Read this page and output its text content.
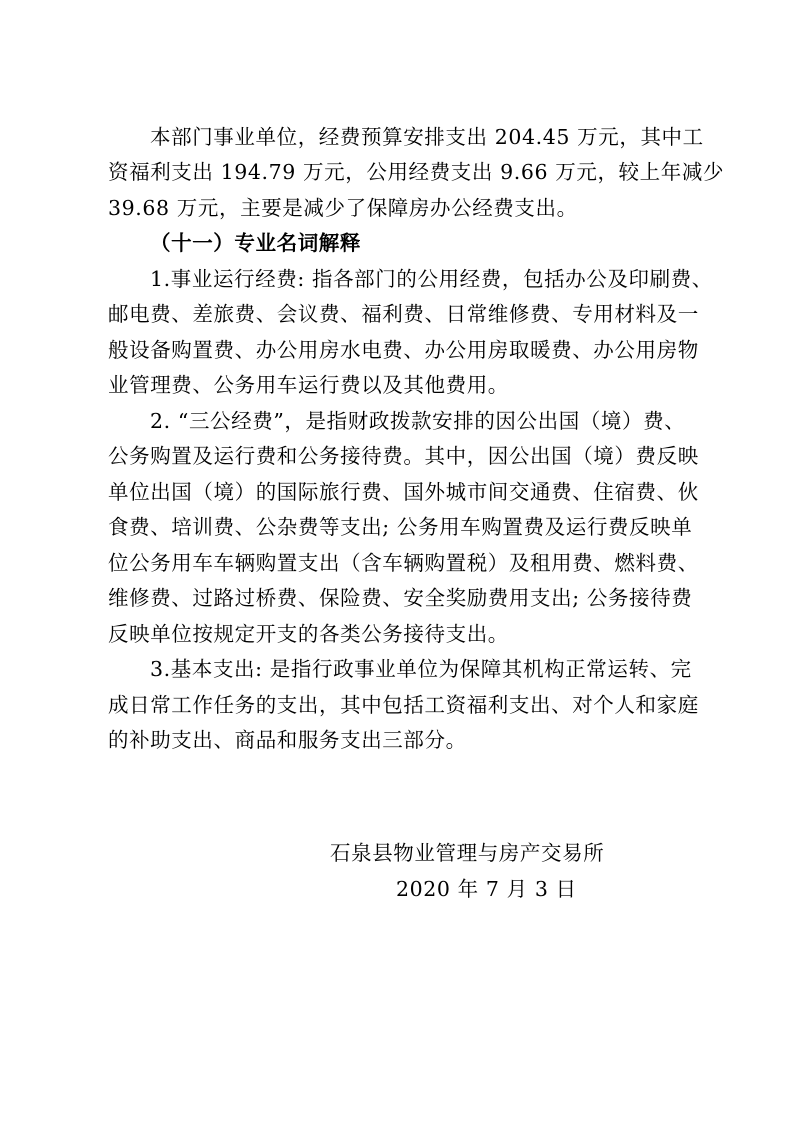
本部门事业单位，经费预算安排支出 204.45 万元，其中工
资福利支出 194.79 万元，公用经费支出 9.66 万元，较上年减少
39.68 万元，主要是减少了保障房办公经费支出。
（十一）专业名词解释
1.事业运行经费: 指各部门的公用经费，包括办公及印刷费、
邮电费、差旅费、会议费、福利费、日常维修费、专用材料及一
般设备购置费、办公用房水电费、办公用房取暖费、办公用房物
业管理费、公务用车运行费以及其他费用。
2. “三公经费”，是指财政拨款安排的因公出国（境）费、
公务购置及运行费和公务接待费。其中，因公出国（境）费反映
单位出国（境）的国际旅行费、国外城市间交通费、住宿费、伙
食费、培训费、公杂费等支出; 公务用车购置费及运行费反映单
位公务用车车辆购置支出（含车辆购置税）及租用费、燃料费、
维修费、过路过桥费、保险费、安全奖励费用支出; 公务接待费
反映单位按规定开支的各类公务接待支出。
3.基本支出: 是指行政事业单位为保障其机构正常运转、完
成日常工作任务的支出，其中包括工资福利支出、对个人和家庭
的补助支出、商品和服务支出三部分。
石泉县物业管理与房产交易所
2020 年 7 月 3 日
